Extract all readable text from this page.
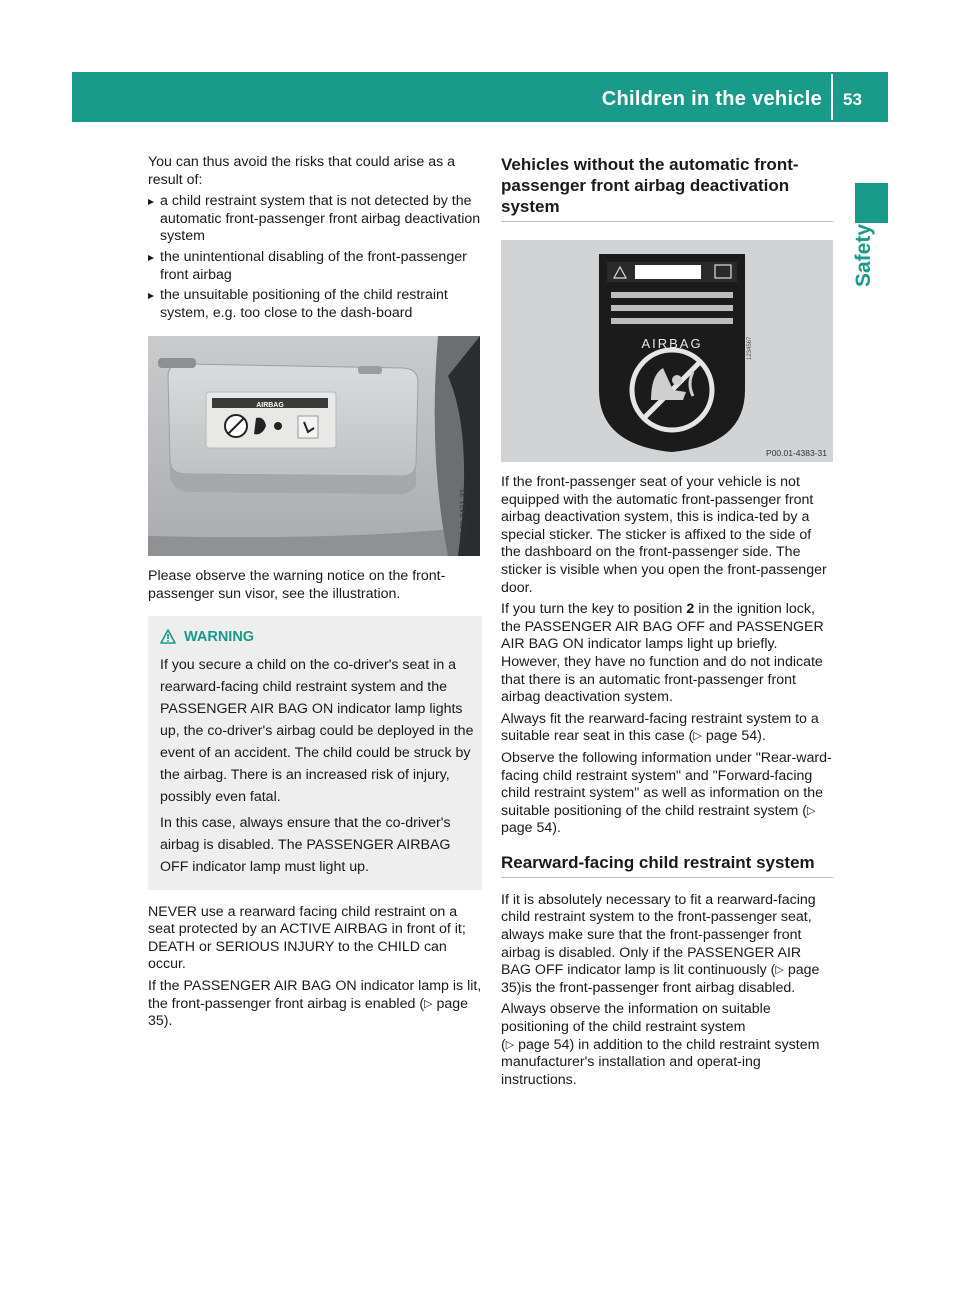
Children in the vehicle 53
Safety

You can thus avoid the risks that could arise as a result of:

a child restraint system that is not detected by the automatic front-passenger front airbag deactivation system
the unintentional disabling of the front-passenger front airbag
the unsuitable positioning of the child restraint system, e.g. too close to the dash-board
AIRBAG
P68.60-2431-31

Please observe the warning notice on the front-passenger sun visor, see the illustration.

WARNING

If you secure a child on the co-driver's seat in a rearward-facing child restraint system and the PASSENGER AIR BAG ON indicator lamp lights up, the co-driver's airbag could be deployed in the event of an accident. The child could be struck by the airbag. There is an increased risk of injury, possibly even fatal.

In this case, always ensure that the co-driver's airbag is disabled. The PASSENGER AIRBAG OFF indicator lamp must light up.

NEVER use a rearward facing child restraint on a seat protected by an ACTIVE AIRBAG in front of it; DEATH or SERIOUS INJURY to the CHILD can occur.

If the PASSENGER AIR BAG ON indicator lamp is lit, the front-passenger front airbag is enabled (▷ page 35).

Vehicles without the automatic front-passenger front airbag deactivation system
AIRBAG	1234567
P00.01-4383-31

If the front-passenger seat of your vehicle is not equipped with the automatic front-passenger front airbag deactivation system, this is indica-ted by a special sticker. The sticker is affixed to the side of the dashboard on the front-passenger side. The sticker is visible when you open the front-passenger door.

If you turn the key to position 2 in the ignition lock, the PASSENGER AIR BAG OFF and PASSENGER AIR BAG ON indicator lamps light up briefly. However, they have no function and do not indicate that there is an automatic front-passenger front airbag deactivation system.

Always fit the rearward-facing restraint system to a suitable rear seat in this case (▷ page 54).

Observe the following information under "Rear-ward-facing child restraint system" and "Forward-facing child restraint system" as well as information on the suitable positioning of the child restraint system (▷ page 54).

Rearward-facing child restraint system

If it is absolutely necessary to fit a rearward-facing child restraint system to the front-passenger seat, always make sure that the front-passenger front airbag is disabled. Only if the PASSENGER AIR BAG OFF indicator lamp is lit continuously (▷ page 35)is the front-passenger front airbag disabled.

Always observe the information on suitable positioning of the child restraint system
(▷ page 54) in addition to the child restraint system manufacturer's installation and operat-ing instructions.
